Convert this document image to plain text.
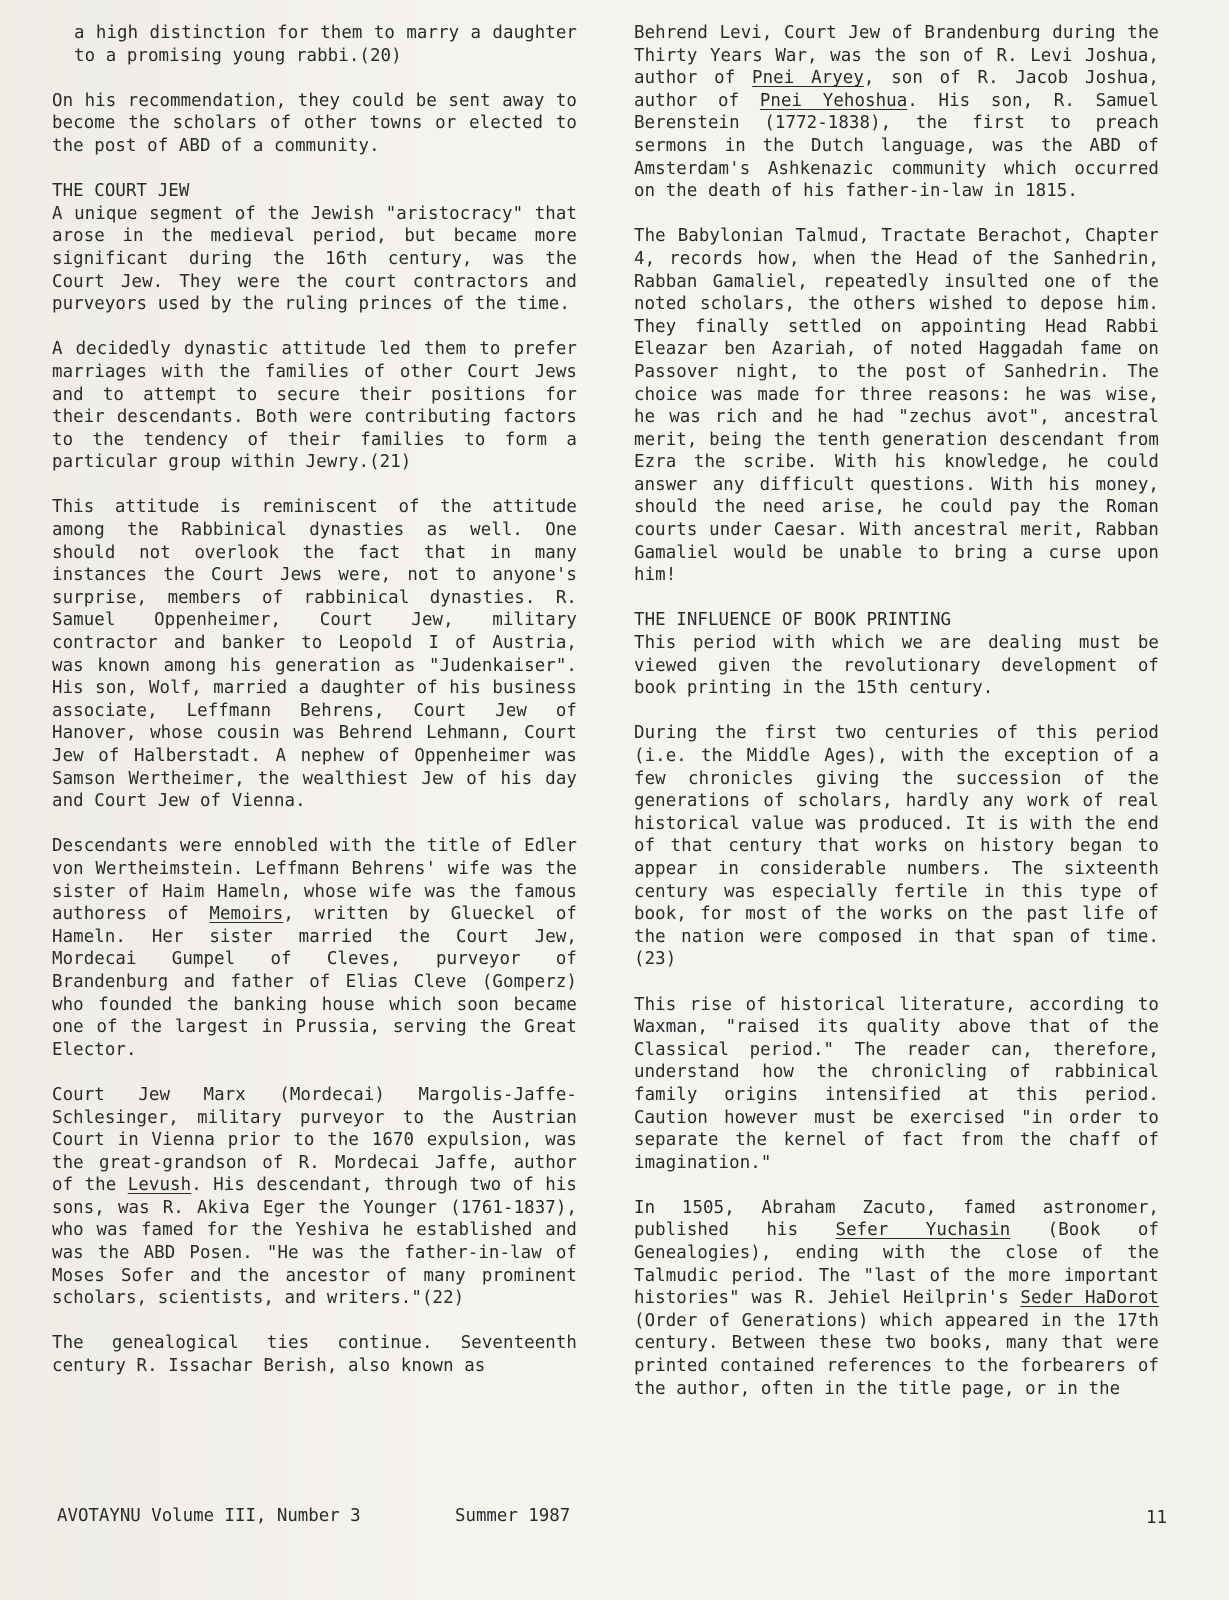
a high distinction for them to marry a daughter to a promising young rabbi.(20)

On his recommendation, they could be sent away to become the scholars of other towns or elected to the post of ABD of a community.

THE COURT JEW

A unique segment of the Jewish "aristocracy" that arose in the medieval period, but became more significant during the 16th century, was the Court Jew. They were the court contractors and purveyors used by the ruling princes of the time.

A decidedly dynastic attitude led them to prefer marriages with the families of other Court Jews and to attempt to secure their positions for their descendants. Both were contributing factors to the tendency of their families to form a particular group within Jewry.(21)

This attitude is reminiscent of the attitude among the Rabbinical dynasties as well. One should not overlook the fact that in many instances the Court Jews were, not to anyone's surprise, members of rabbinical dynasties. R. Samuel Oppenheimer, Court Jew, military contractor and banker to Leopold I of Austria, was known among his generation as "Judenkaiser". His son, Wolf, married a daughter of his business associate, Leffmann Behrens, Court Jew of Hanover, whose cousin was Behrend Lehmann, Court Jew of Halberstadt. A nephew of Oppenheimer was Samson Wertheimer, the wealthiest Jew of his day and Court Jew of Vienna.

Descendants were ennobled with the title of Edler von Wertheimstein. Leffmann Behrens' wife was the sister of Haim Hameln, whose wife was the famous authoress of Memoirs, written by Glueckel of Hameln. Her sister married the Court Jew, Mordecai Gumpel of Cleves, purveyor of Brandenburg and father of Elias Cleve (Gomperz) who founded the banking house which soon became one of the largest in Prussia, serving the Great Elector.

Court Jew Marx (Mordecai) Margolis-Jaffe-Schlesinger, military purveyor to the Austrian Court in Vienna prior to the 1670 expulsion, was the great-grandson of R. Mordecai Jaffe, author of the Levush. His descendant, through two of his sons, was R. Akiva Eger the Younger (1761-1837), who was famed for the Yeshiva he established and was the ABD Posen. "He was the father-in-law of Moses Sofer and the ancestor of many prominent scholars, scientists, and writers."(22)

The genealogical ties continue. Seventeenth century R. Issachar Berish, also known as

Behrend Levi, Court Jew of Brandenburg during the Thirty Years War, was the son of R. Levi Joshua, author of Pnei Aryey, son of R. Jacob Joshua, author of Pnei Yehoshua. His son, R. Samuel Berenstein (1772-1838), the first to preach sermons in the Dutch language, was the ABD of Amsterdam's Ashkenazic community which occurred on the death of his father-in-law in 1815.

The Babylonian Talmud, Tractate Berachot, Chapter 4, records how, when the Head of the Sanhedrin, Rabban Gamaliel, repeatedly insulted one of the noted scholars, the others wished to depose him. They finally settled on appointing Head Rabbi Eleazar ben Azariah, of noted Haggadah fame on Passover night, to the post of Sanhedrin. The choice was made for three reasons: he was wise, he was rich and he had "zechus avot", ancestral merit, being the tenth generation descendant from Ezra the scribe. With his knowledge, he could answer any difficult questions. With his money, should the need arise, he could pay the Roman courts under Caesar. With ancestral merit, Rabban Gamaliel would be unable to bring a curse upon him!

THE INFLUENCE OF BOOK PRINTING

This period with which we are dealing must be viewed given the revolutionary development of book printing in the 15th century.

During the first two centuries of this period (i.e. the Middle Ages), with the exception of a few chronicles giving the succession of the generations of scholars, hardly any work of real historical value was produced. It is with the end of that century that works on history began to appear in considerable numbers. The sixteenth century was especially fertile in this type of book, for most of the works on the past life of the nation were composed in that span of time.(23)

This rise of historical literature, according to Waxman, "raised its quality above that of the Classical period." The reader can, therefore, understand how the chronicling of rabbinical family origins intensified at this period. Caution however must be exercised "in order to separate the kernel of fact from the chaff of imagination."

In 1505, Abraham Zacuto, famed astronomer, published his Sefer Yuchasin (Book of Genealogies), ending with the close of the Talmudic period. The "last of the more important histories" was R. Jehiel Heilprin's Seder HaDorot (Order of Generations) which appeared in the 17th century. Between these two books, many that were printed contained references to the forbearers of the author, often in the title page, or in the

AVOTAYNU Volume III, Number 3	Summer 1987	11
